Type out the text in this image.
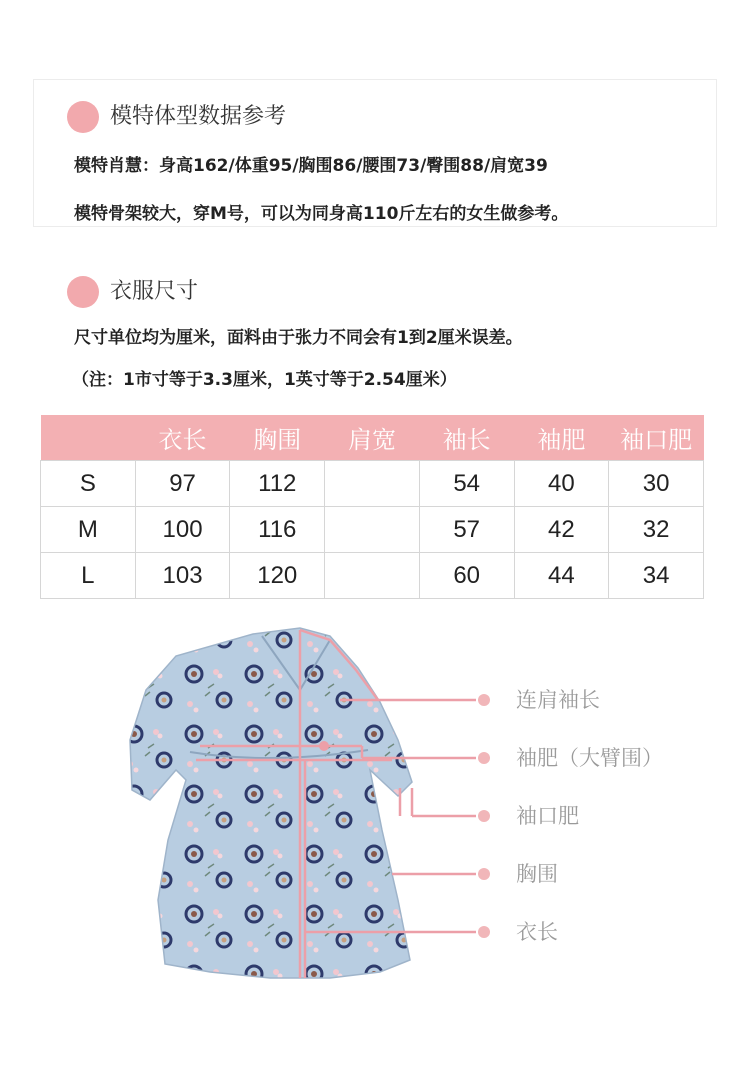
模特体型数据参考
模特肖慧：身高162/体重95/胸围86/腰围73/臀围88/肩宽39
模特骨架较大，穿M号，可以为同身高110斤左右的女生做参考。
衣服尺寸
尺寸单位均为厘米，面料由于张力不同会有1到2厘米误差。
（注：1市寸等于3.3厘米，1英寸等于2.54厘米）
	衣长	胸围	肩宽	袖长	袖肥	袖口肥
S	97	112		54	40	30
M	100	116		57	42	32
L	103	120		60	44	34
连肩袖长
袖肥（大臂围）
袖口肥
胸围
衣长
